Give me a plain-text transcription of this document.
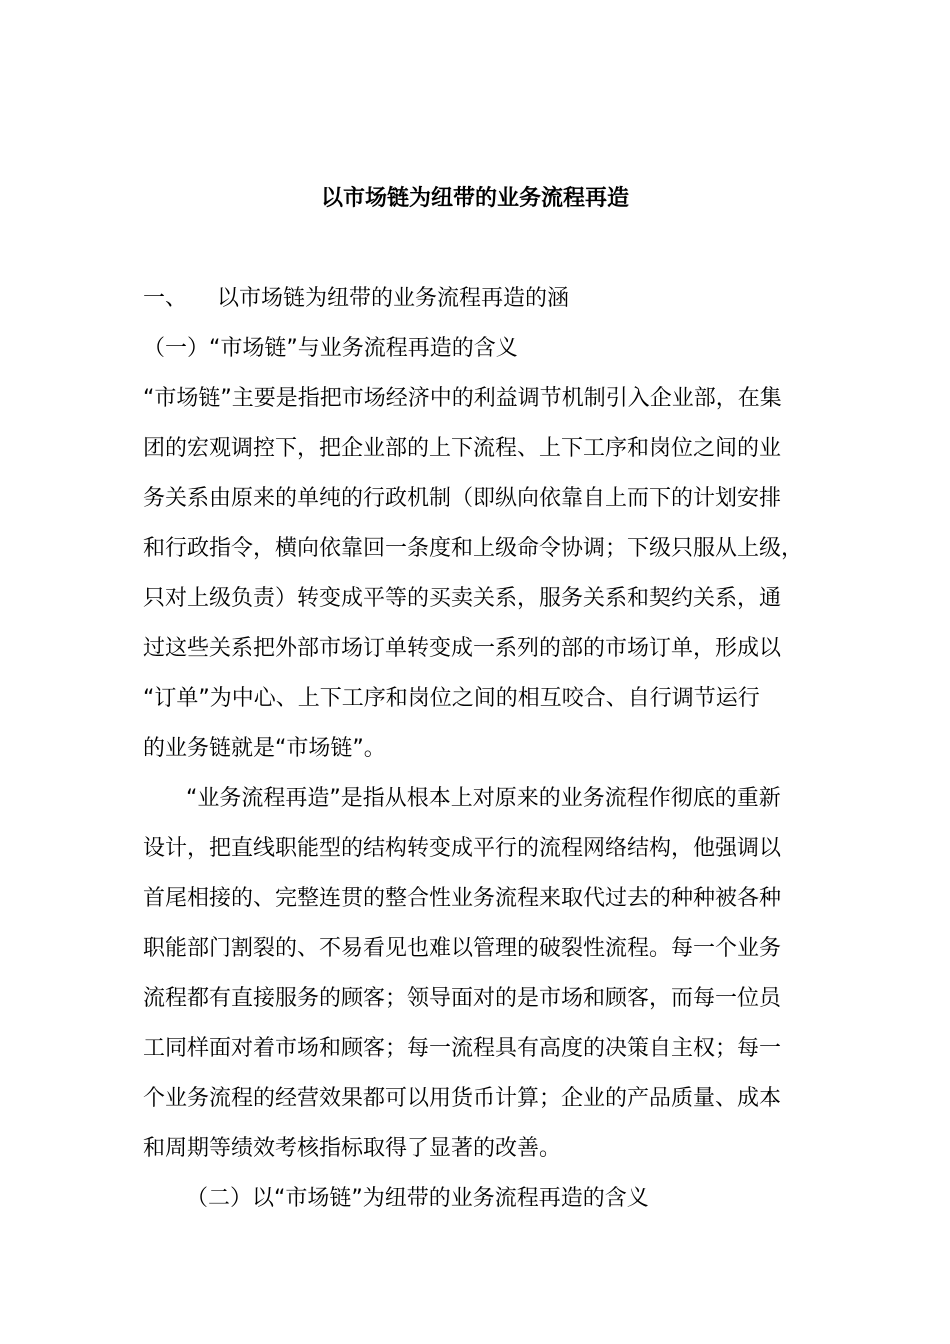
以市场链为纽带的业务流程再造
一、 以市场链为纽带的业务流程再造的涵
（一）“市场链”与业务流程再造的含义
“市场链”主要是指把市场经济中的利益调节机制引入企业部，在集
团的宏观调控下，把企业部的上下流程、上下工序和岗位之间的业
务关系由原来的单纯的行政机制（即纵向依靠自上而下的计划安排
和行政指令，横向依靠回一条度和上级命令协调；下级只服从上级，
只对上级负责）转变成平等的买卖关系，服务关系和契约关系，通
过这些关系把外部市场订单转变成一系列的部的市场订单，形成以
“订单”为中心、上下工序和岗位之间的相互咬合、自行调节运行
的业务链就是“市场链”。
“业务流程再造”是指从根本上对原来的业务流程作彻底的重新
设计，把直线职能型的结构转变成平行的流程网络结构，他强调以
首尾相接的、完整连贯的整合性业务流程来取代过去的种种被各种
职能部门割裂的、不易看见也难以管理的破裂性流程。每一个业务
流程都有直接服务的顾客；领导面对的是市场和顾客，而每一位员
工同样面对着市场和顾客；每一流程具有高度的决策自主权；每一
个业务流程的经营效果都可以用货币计算；企业的产品质量、成本
和周期等绩效考核指标取得了显著的改善。
（二）以“市场链”为纽带的业务流程再造的含义
